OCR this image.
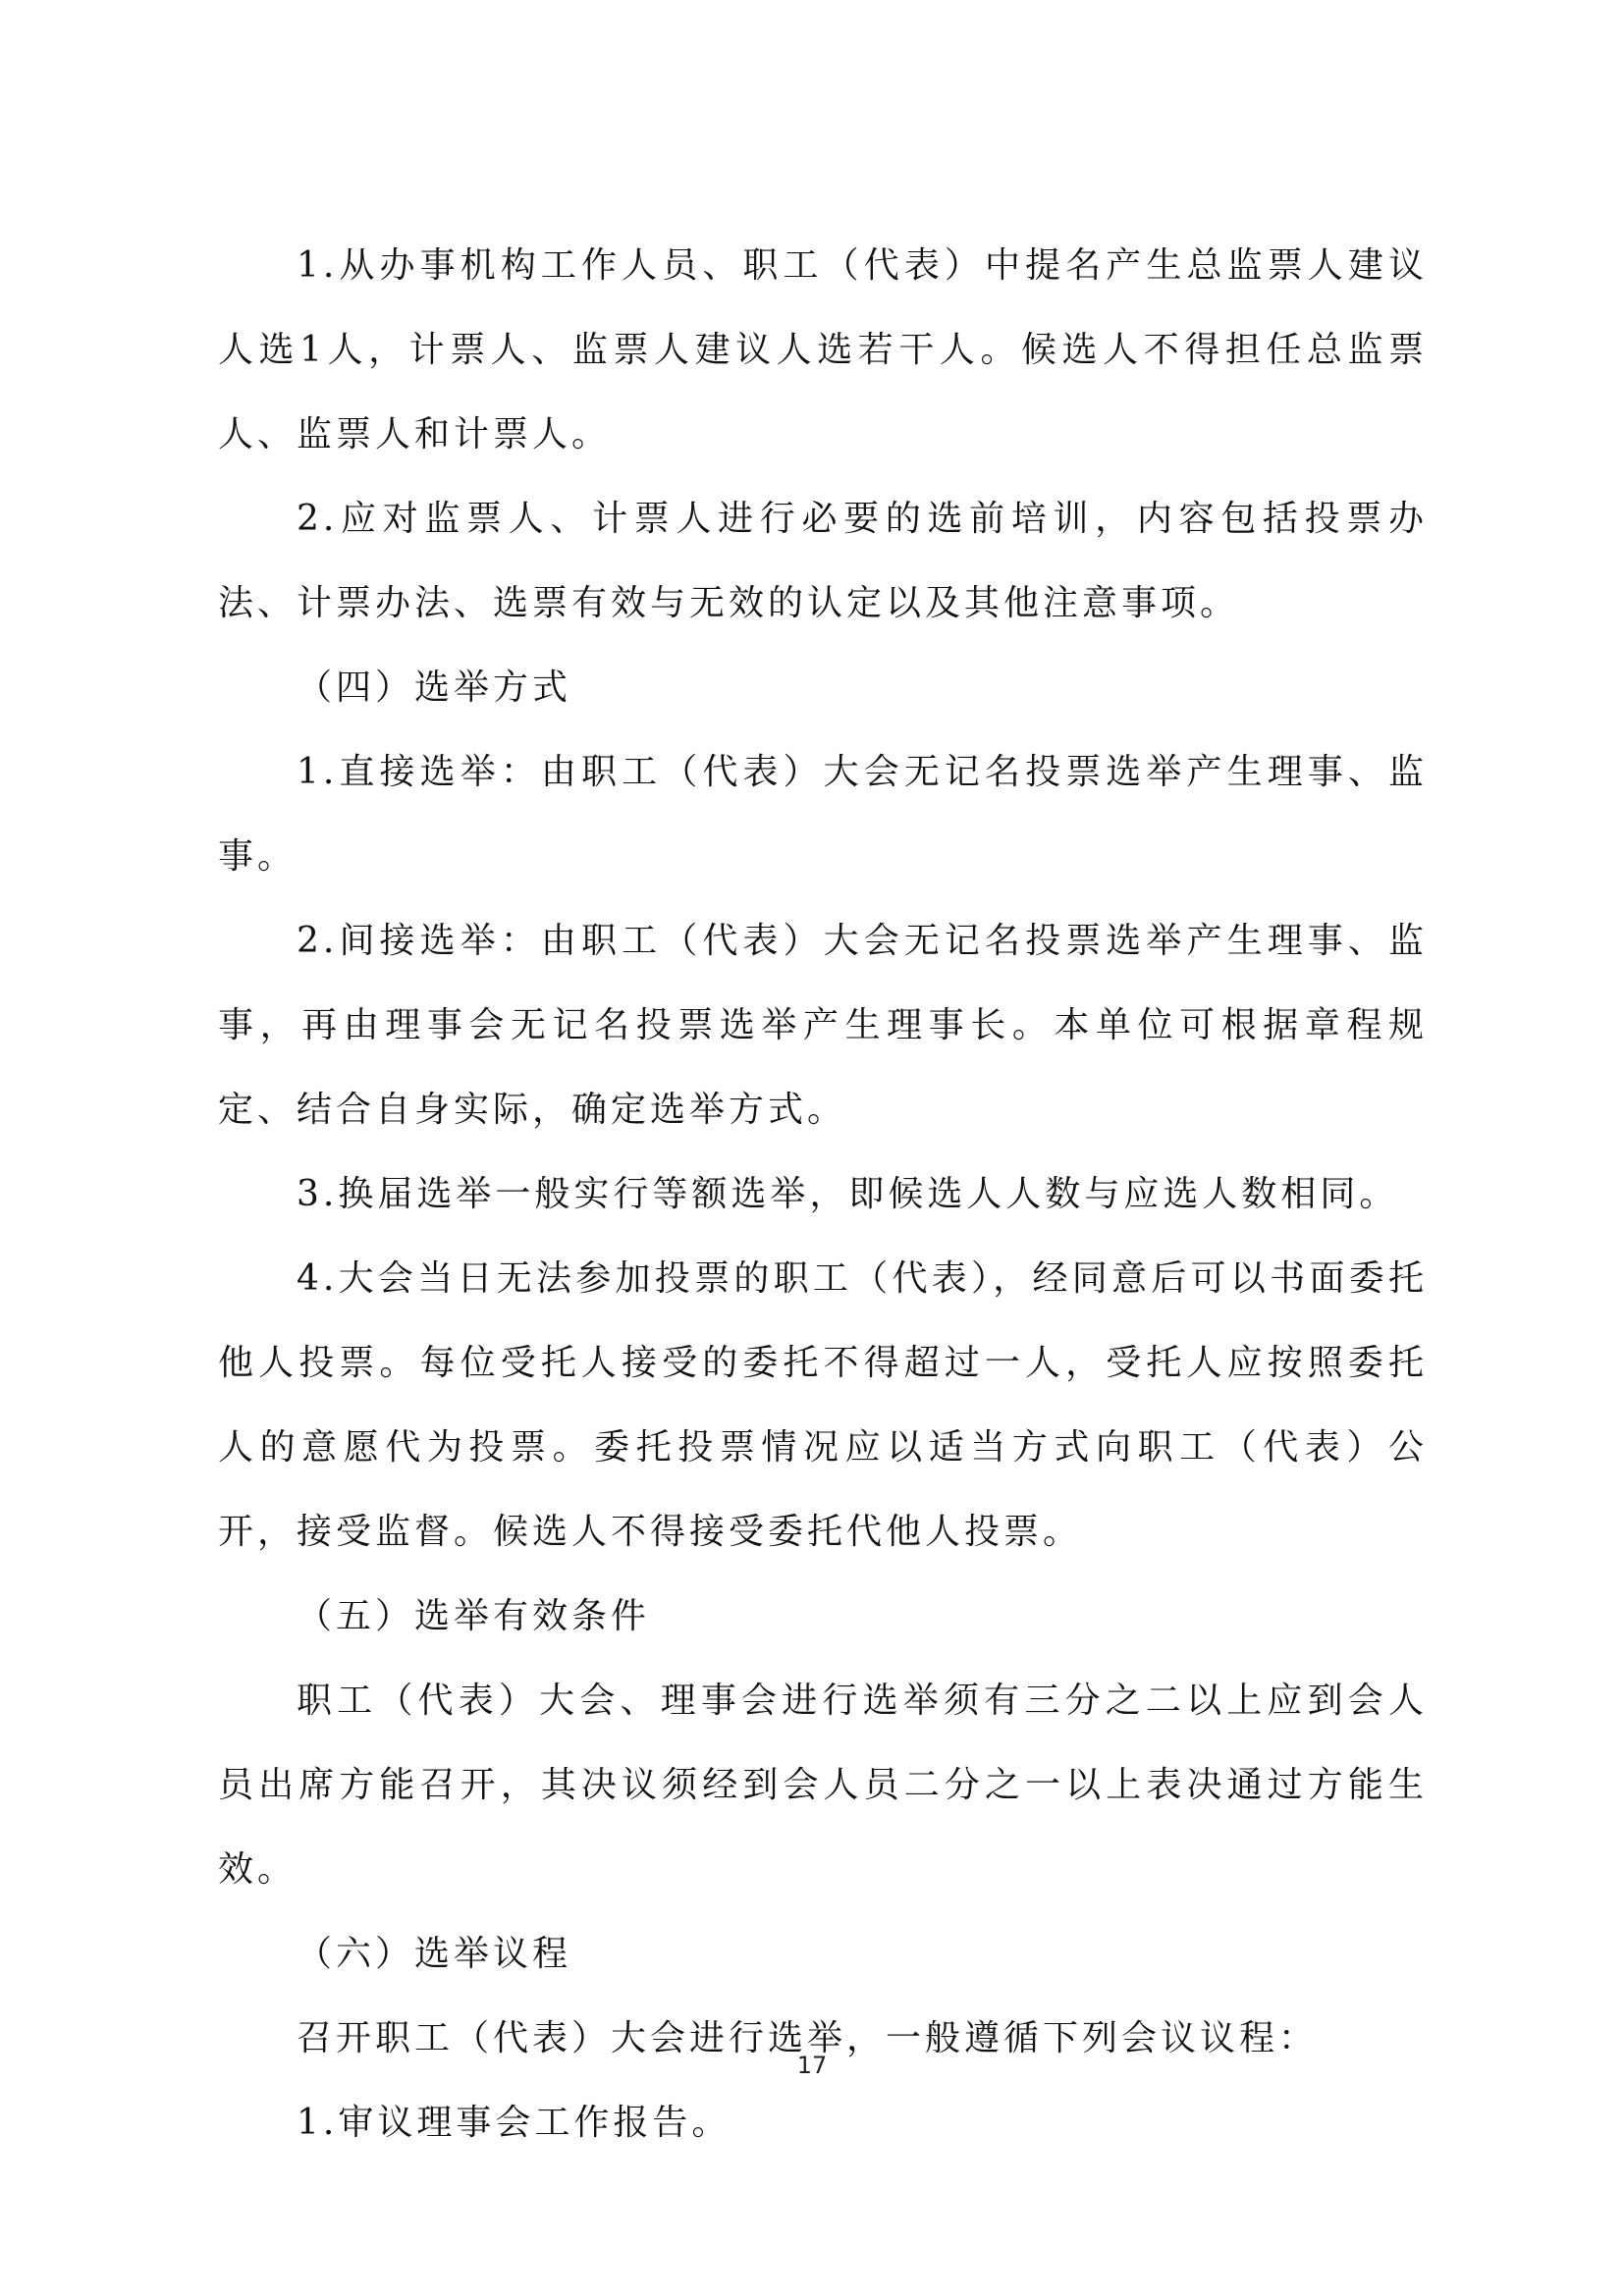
1.从办事机构工作人员、职工（代表）中提名产生总监票人建议人选1人，计票人、监票人建议人选若干人。候选人不得担任总监票人、监票人和计票人。

2.应对监票人、计票人进行必要的选前培训，内容包括投票办法、计票办法、选票有效与无效的认定以及其他注意事项。

（四）选举方式

1.直接选举：由职工（代表）大会无记名投票选举产生理事、监事。

2.间接选举：由职工（代表）大会无记名投票选举产生理事、监事，再由理事会无记名投票选举产生理事长。本单位可根据章程规定、结合自身实际，确定选举方式。

3.换届选举一般实行等额选举，即候选人人数与应选人数相同。

4.大会当日无法参加投票的职工（代表），经同意后可以书面委托他人投票。每位受托人接受的委托不得超过一人，受托人应按照委托人的意愿代为投票。委托投票情况应以适当方式向职工（代表）公开，接受监督。候选人不得接受委托代他人投票。

（五）选举有效条件

职工（代表）大会、理事会进行选举须有三分之二以上应到会人员出席方能召开，其决议须经到会人员二分之一以上表决通过方能生效。

（六）选举议程

召开职工（代表）大会进行选举，一般遵循下列会议议程：

1.审议理事会工作报告。

17
